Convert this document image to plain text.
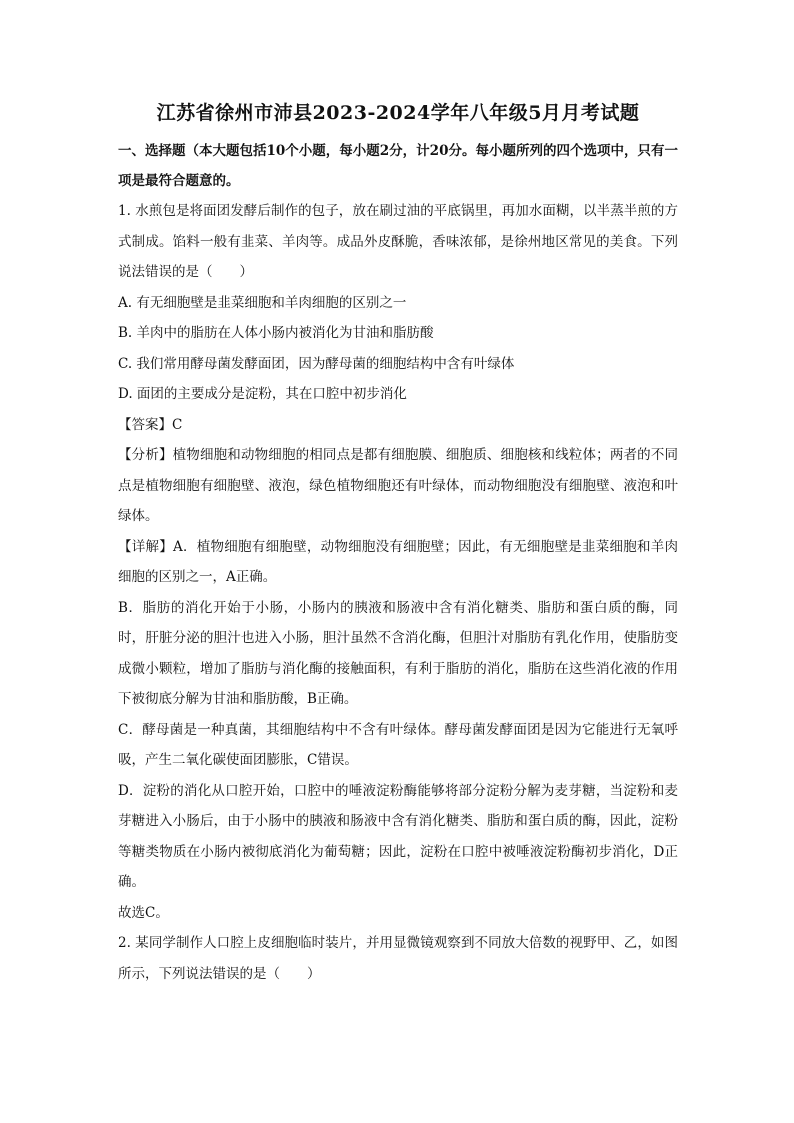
江苏省徐州市沛县2023-2024学年八年级5月月考试题

一、选择题（本大题包括10个小题，每小题2分，计20分。每小题所列的四个选项中，只有一项是最符合题意的。

1. 水煎包是将面团发酵后制作的包子，放在刷过油的平底锅里，再加水面糊，以半蒸半煎的方式制成。馅料一般有韭菜、羊肉等。成品外皮酥脆，香味浓郁，是徐州地区常见的美食。下列说法错误的是（　　）

A. 有无细胞壁是韭菜细胞和羊肉细胞的区别之一

B. 羊肉中的脂肪在人体小肠内被消化为甘油和脂肪酸

C. 我们常用酵母菌发酵面团，因为酵母菌的细胞结构中含有叶绿体

D. 面团的主要成分是淀粉，其在口腔中初步消化

【答案】C

【分析】植物细胞和动物细胞的相同点是都有细胞膜、细胞质、细胞核和线粒体；两者的不同点是植物细胞有细胞壁、液泡，绿色植物细胞还有叶绿体，而动物细胞没有细胞壁、液泡和叶绿体。

【详解】A．植物细胞有细胞壁，动物细胞没有细胞壁；因此，有无细胞壁是韭菜细胞和羊肉细胞的区别之一，A正确。

B．脂肪的消化开始于小肠，小肠内的胰液和肠液中含有消化糖类、脂肪和蛋白质的酶，同时，肝脏分泌的胆汁也进入小肠，胆汁虽然不含消化酶，但胆汁对脂肪有乳化作用，使脂肪变成微小颗粒，增加了脂肪与消化酶的接触面积，有利于脂肪的消化，脂肪在这些消化液的作用下被彻底分解为甘油和脂肪酸，B正确。

C．酵母菌是一种真菌，其细胞结构中不含有叶绿体。酵母菌发酵面团是因为它能进行无氧呼吸，产生二氧化碳使面团膨胀，C错误。

D．淀粉的消化从口腔开始，口腔中的唾液淀粉酶能够将部分淀粉分解为麦芽糖，当淀粉和麦芽糖进入小肠后，由于小肠中的胰液和肠液中含有消化糖类、脂肪和蛋白质的酶，因此，淀粉等糖类物质在小肠内被彻底消化为葡萄糖；因此，淀粉在口腔中被唾液淀粉酶初步消化，D正确。

故选C。

2. 某同学制作人口腔上皮细胞临时装片，并用显微镜观察到不同放大倍数的视野甲、乙，如图所示，下列说法错误的是（　　）
